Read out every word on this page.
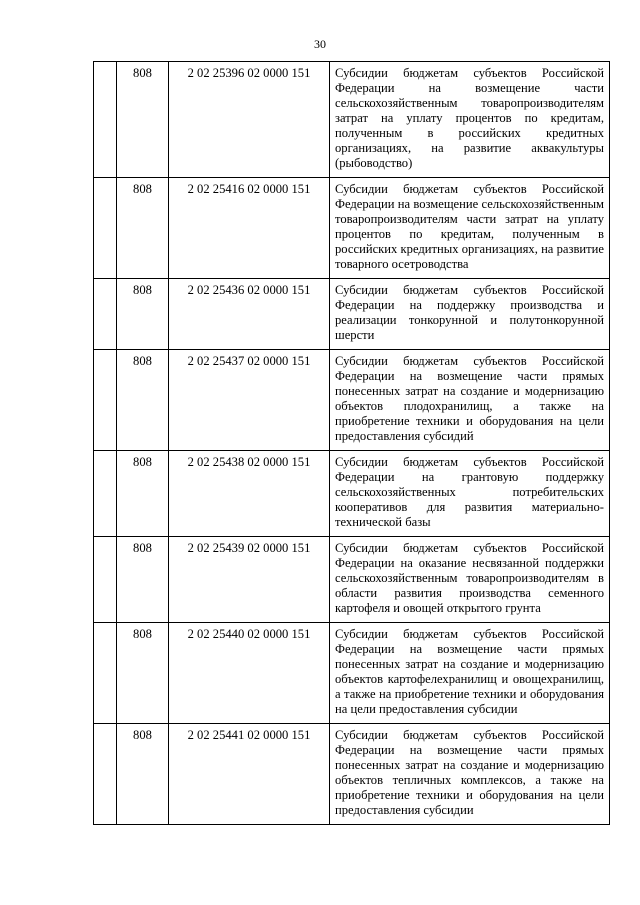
30
	808	2 02 25396 02 0000 151	Субсидии бюджетам субъектов Российской Федерации на возмещение части сельскохозяйственным товаропроизводителям затрат на уплату процентов по кредитам, полученным в российских кредитных организациях, на развитие аквакультуры (рыбоводство)
	808	2 02 25416 02 0000 151	Субсидии бюджетам субъектов Российской Федерации на возмещение сельскохозяйственным товаропроизводителям части затрат на уплату процентов по кредитам, полученным в российских кредитных организациях, на развитие товарного осетроводства
	808	2 02 25436 02 0000 151	Субсидии бюджетам субъектов Российской Федерации на поддержку производства и реализации тонкорунной и полутонкорунной шерсти
	808	2 02 25437 02 0000 151	Субсидии бюджетам субъектов Российской Федерации на возмещение части прямых понесенных затрат на создание и модернизацию объектов плодохранилищ, а также на приобретение техники и оборудования на цели предоставления субсидий
	808	2 02 25438 02 0000 151	Субсидии бюджетам субъектов Российской Федерации на грантовую поддержку сельскохозяйственных потребительских кооперативов для развития материально-технической базы
	808	2 02 25439 02 0000 151	Субсидии бюджетам субъектов Российской Федерации на оказание несвязанной поддержки сельскохозяйственным товаропроизводителям в области развития производства семенного картофеля и овощей открытого грунта
	808	2 02 25440 02 0000 151	Субсидии бюджетам субъектов Российской Федерации на возмещение части прямых понесенных затрат на создание и модернизацию объектов картофелехранилищ и овощехранилищ, а также на приобретение техники и оборудования на цели предоставления субсидии
	808	2 02 25441 02 0000 151	Субсидии бюджетам субъектов Российской Федерации на возмещение части прямых понесенных затрат на создание и модернизацию объектов тепличных комплексов, а также на приобретение техники и оборудования на цели предоставления субсидии
